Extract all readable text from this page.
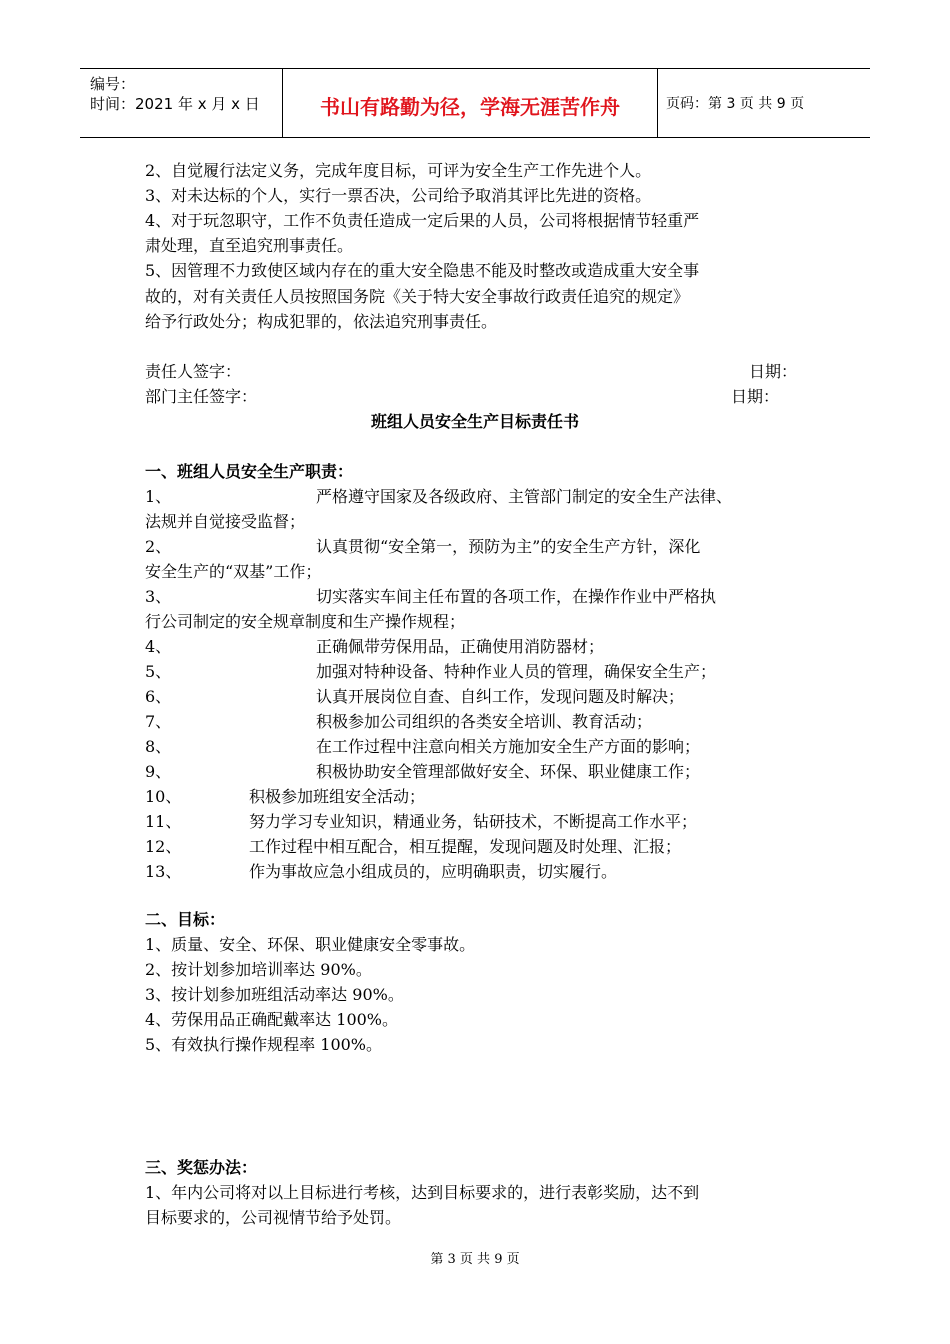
编号：
时间：2021 年 x 月 x 日	书山有路勤为径，学海无涯苦作舟	页码：第 3 页 共 9 页
2、自觉履行法定义务，完成年度目标，可评为安全生产工作先进个人。
3、对未达标的个人，实行一票否决，公司给予取消其评比先进的资格。
4、对于玩忽职守，工作不负责任造成一定后果的人员，公司将根据情节轻重严
肃处理，直至追究刑事责任。
5、因管理不力致使区域内存在的重大安全隐患不能及时整改或造成重大安全事
故的，对有关责任人员按照国务院《关于特大安全事故行政责任追究的规定》
给予行政处分；构成犯罪的，依法追究刑事责任。
责任人签字：	日期：
部门主任签字：	日期：
班组人员安全生产目标责任书
一、班组人员安全生产职责：
1、	严格遵守国家及各级政府、主管部门制定的安全生产法律、
法规并自觉接受监督；
2、	认真贯彻“安全第一，预防为主”的安全生产方针，深化
安全生产的“双基”工作；
3、	切实落实车间主任布置的各项工作，在操作作业中严格执
行公司制定的安全规章制度和生产操作规程；
4、	正确佩带劳保用品，正确使用消防器材；
5、	加强对特种设备、特种作业人员的管理，确保安全生产；
6、	认真开展岗位自查、自纠工作，发现问题及时解决；
7、	积极参加公司组织的各类安全培训、教育活动；
8、	在工作过程中注意向相关方施加安全生产方面的影响；
9、	积极协助安全管理部做好安全、环保、职业健康工作；
10、	积极参加班组安全活动；
11、	努力学习专业知识，精通业务，钻研技术，不断提高工作水平；
12、	工作过程中相互配合，相互提醒，发现问题及时处理、汇报；
13、	作为事故应急小组成员的，应明确职责，切实履行。
二、目标：
1、质量、安全、环保、职业健康安全零事故。
2、按计划参加培训率达 90%。
3、按计划参加班组活动率达 90%。
4、劳保用品正确配戴率达 100%。
5、有效执行操作规程率 100%。
三、奖惩办法：
1、年内公司将对以上目标进行考核，达到目标要求的，进行表彰奖励，达不到
目标要求的，公司视情节给予处罚。
第 3 页 共 9 页
